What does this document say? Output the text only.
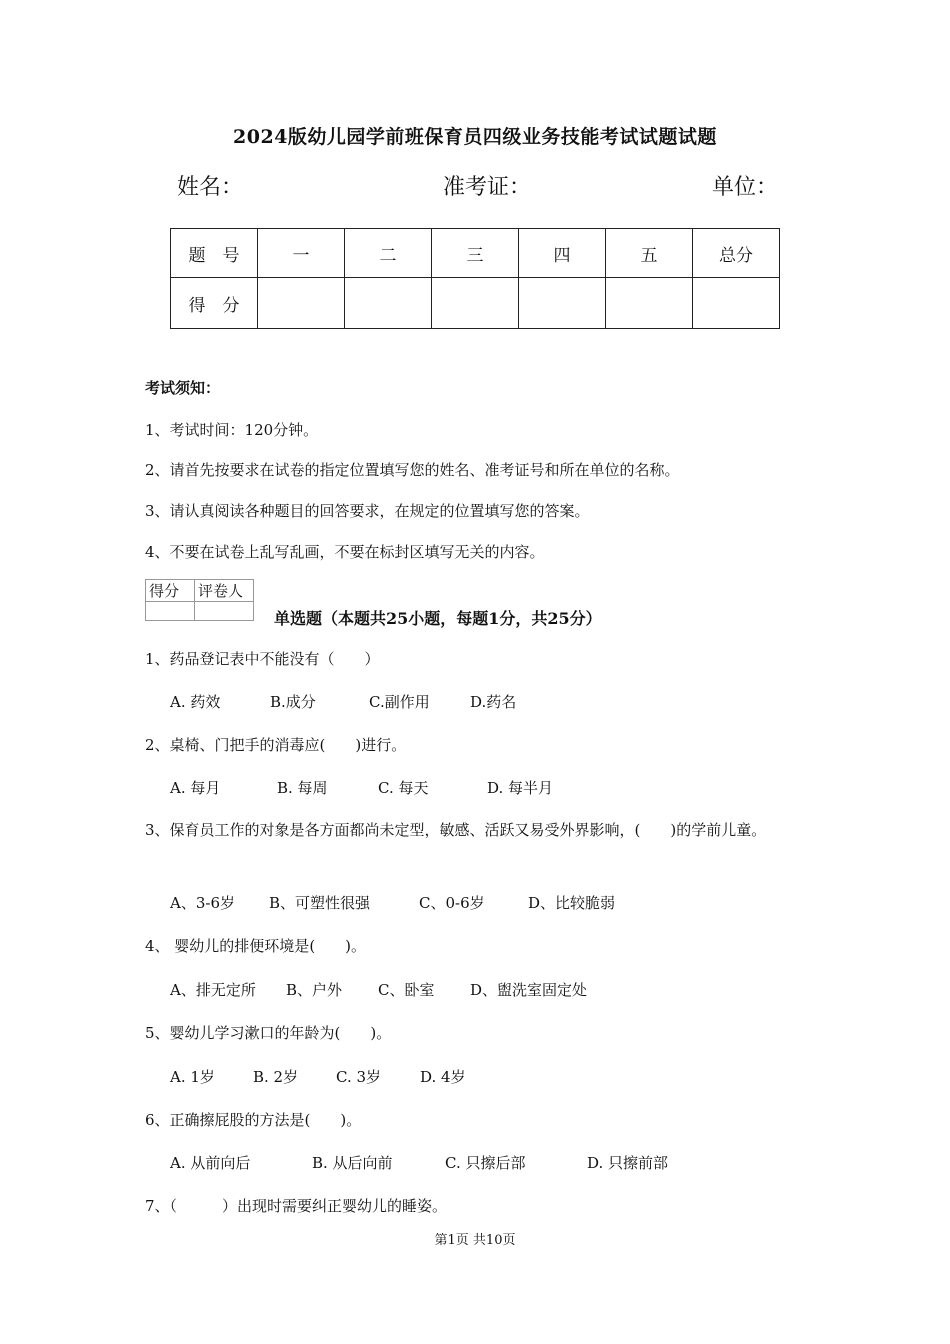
2024版幼儿园学前班保育员四级业务技能考试试题试题
姓名：	准考证：	单位：
题　号	一	二	三	四	五	总分
得　分						
考试须知：
1、考试时间：120分钟。
2、请首先按要求在试卷的指定位置填写您的姓名、准考证号和所在单位的名称。
3、请认真阅读各种题目的回答要求，在规定的位置填写您的答案。
4、不要在试卷上乱写乱画，不要在标封区填写无关的内容。
得分	评卷人

单选题（本题共25小题，每题1分，共25分）
1、药品登记表中不能没有（　　）
A. 药效	B.成分	C.副作用	D.药名
2、桌椅、门把手的消毒应(　　)进行。
A. 每月	B. 每周	C. 每天	D. 每半月
3、保育员工作的对象是各方面都尚未定型，敏感、活跃又易受外界影响，(　　)的学前儿童。
A、3-6岁 B、可塑性很强	C、0-6岁	D、比较脆弱
4、 婴幼儿的排便环境是(　　)。
A、排无定所 B、户外 C、卧室 D、盥洗室固定处
5、婴幼儿学习漱口的年龄为(　　)。
A. 1岁	B. 2岁	C. 3岁	D. 4岁
6、正确擦屁股的方法是(　　)。
A. 从前向后	B. 从后向前	C. 只擦后部	D. 只擦前部
7、（　　　）出现时需要纠正婴幼儿的睡姿。
第1页 共10页
